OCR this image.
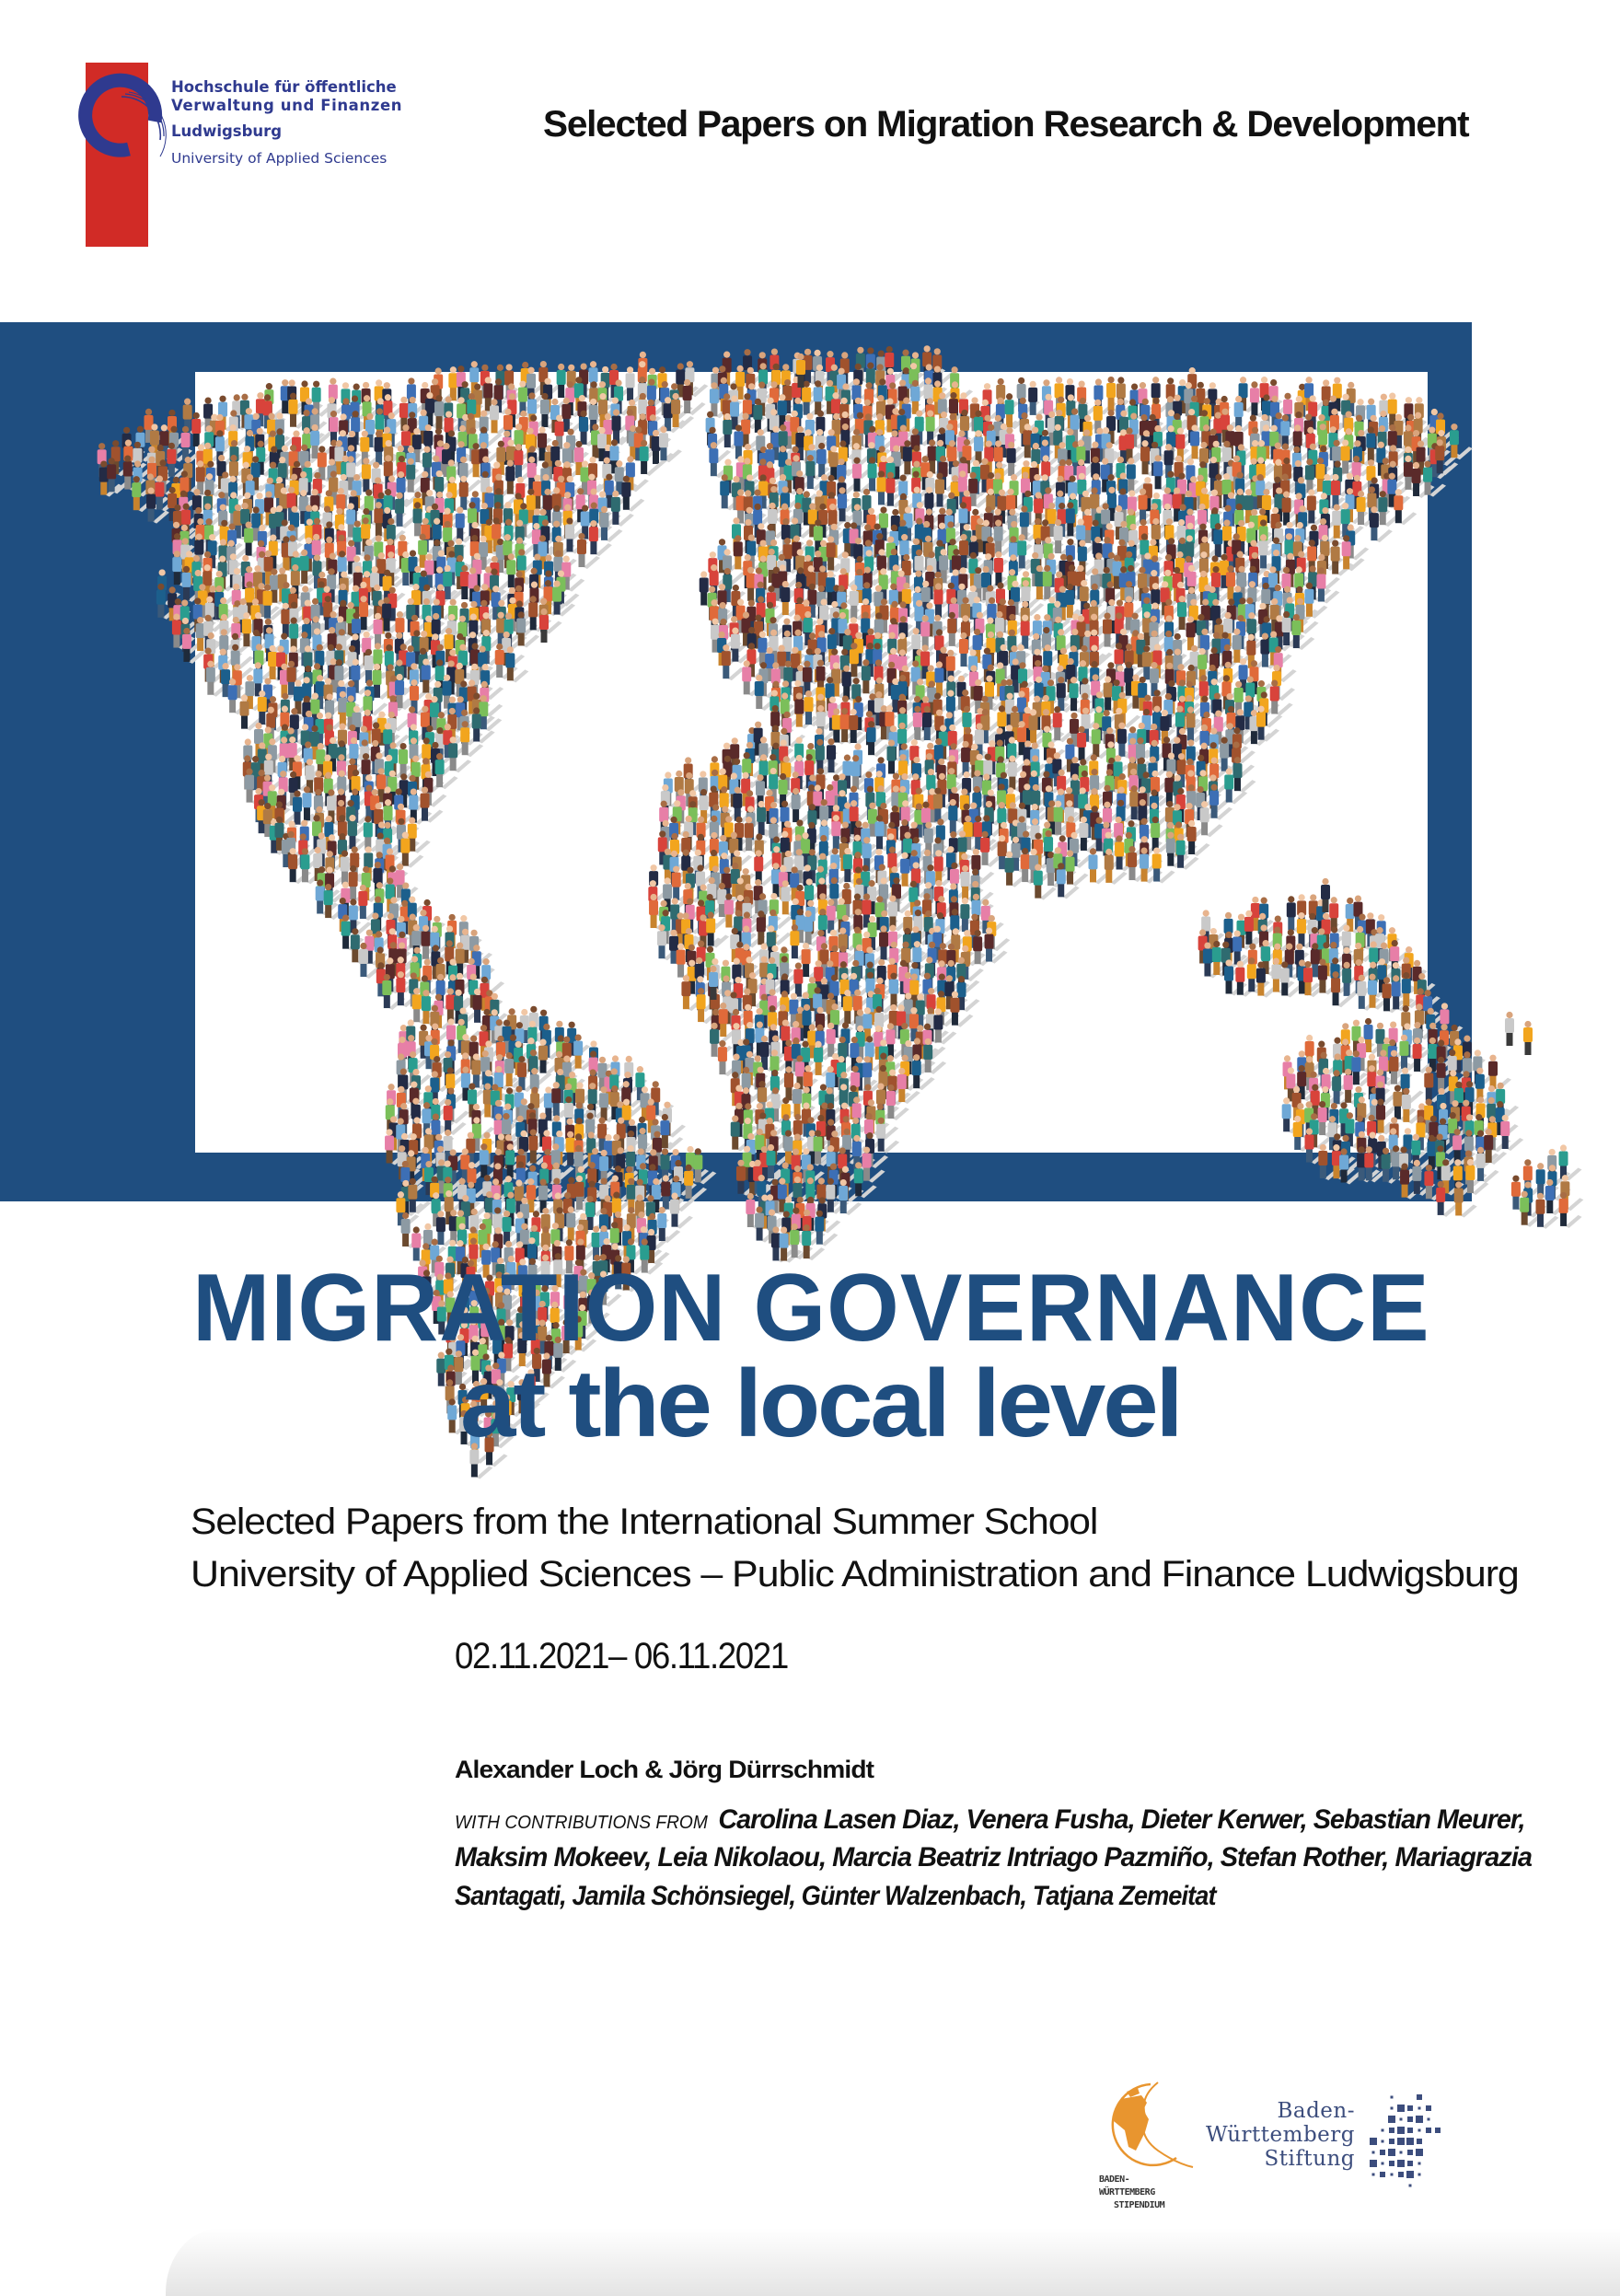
Hochschule für öffentliche
Verwaltung und Finanzen
Ludwigsburg
University of Applied Sciences
Selected Papers on Migration Research & Development
MIGRATION GOVERNANCE
at the local level
Selected Papers from the International Summer School
University of Applied Sciences – Public Administration and Finance Ludwigsburg
02.11.2021– 06.11.2021
Alexander Loch & Jörg Dürrschmidt
WITH CONTRIBUTIONS FROM Carolina Lasen Diaz, Venera Fusha, Dieter Kerwer, Sebastian Meurer,
Maksim Mokeev, Leia Nikolaou, Marcia Beatriz Intriago Pazmiño, Stefan Rother, Mariagrazia
Santagati, Jamila Schönsiegel, Günter Walzenbach, Tatjana Zemeitat
BADEN-
WÜRTTEMBERG
STIPENDIUM
Baden-
Württemberg
Stiftung
